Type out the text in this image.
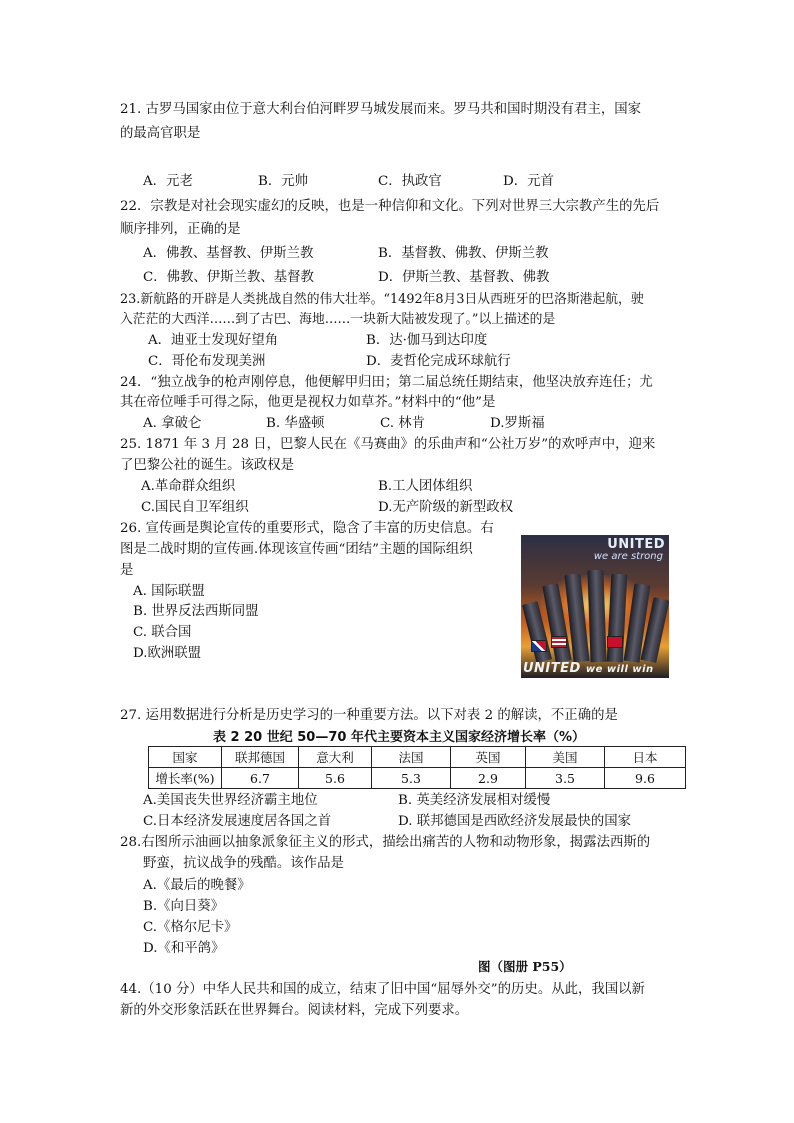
21. 古罗马国家由位于意大利台伯河畔罗马城发展而来。罗马共和国时期没有君主，国家
的最高官职是
A．元老	B．元帅	C．执政官	D．元首
22．宗教是对社会现实虚幻的反映，也是一种信仰和文化。下列对世界三大宗教产生的先后
顺序排列，正确的是
A．佛教、基督教、伊斯兰教	B．基督教、佛教、伊斯兰教
C．佛教、伊斯兰教、基督教	D．伊斯兰教、基督教、佛教
23.新航路的开辟是人类挑战自然的伟大壮举。“1492年8月3日从西班牙的巴洛斯港起航，驶
入茫茫的大西洋……到了古巴、海地……一块新大陆被发现了。”以上描述的是
A．迪亚士发现好望角	B．达·伽马到达印度
C．哥伦布发现美洲	D．麦哲伦完成环球航行
24．“独立战争的枪声刚停息，他便解甲归田；第二届总统任期结束，他坚决放弃连任；尤
其在帝位唾手可得之际，他更是视权力如草芥。”材料中的“他”是
A. 拿破仑	B. 华盛顿	C. 林肯	D.罗斯福
25. 1871 年 3 月 28 日，巴黎人民在《马赛曲》的乐曲声和“公社万岁”的欢呼声中，迎来
了巴黎公社的诞生。该政权是
A.革命群众组织	B.工人团体组织
C.国民自卫军组织	D.无产阶级的新型政权
26. 宣传画是舆论宣传的重要形式，隐含了丰富的历史信息。右
图是二战时期的宣传画.体现该宣传画“团结”主题的国际组织
是
A. 国际联盟
B. 世界反法西斯同盟
C. 联合国
D.欧洲联盟
UNITED
we are strong
UNITED we will win
27. 运用数据进行分析是历史学习的一种重要方法。以下对表 2 的解读，不正确的是
表 2 20 世纪 50—70 年代主要资本主义国家经济增长率（%）
国家	联邦德国	意大利	法国	英国	美国	日本
增长率(%)	6.7	5.6	5.3	2.9	3.5	9.6
A.美国丧失世界经济霸主地位	B. 英美经济发展相对缓慢
C.日本经济发展速度居各国之首	D. 联邦德国是西欧经济发展最快的国家
28.右图所示油画以抽象派象征主义的形式，描绘出痛苦的人物和动物形象，揭露法西斯的
野蛮，抗议战争的残酷。该作品是
A.《最后的晚餐》
B.《向日葵》
C.《格尔尼卡》
D.《和平鸽》
图（图册 P55）
44.（10 分）中华人民共和国的成立，结束了旧中国“屈辱外交”的历史。从此，我国以新
新的外交形象活跃在世界舞台。阅读材料，完成下列要求。
